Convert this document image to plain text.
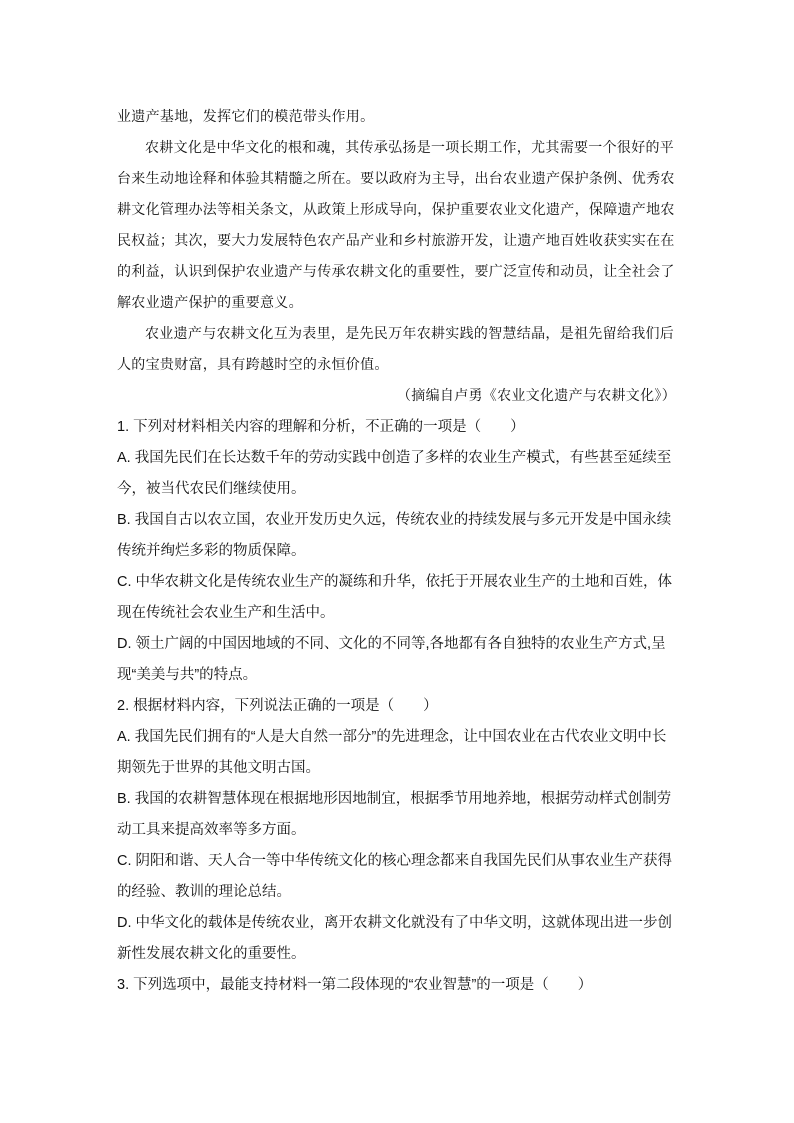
业遗产基地，发挥它们的模范带头作用。

农耕文化是中华文化的根和魂，其传承弘扬是一项长期工作，尤其需要一个很好的平台来生动地诠释和体验其精髓之所在。要以政府为主导，出台农业遗产保护条例、优秀农耕文化管理办法等相关条文，从政策上形成导向，保护重要农业文化遗产，保障遗产地农民权益；其次，要大力发展特色农产品产业和乡村旅游开发，让遗产地百姓收获实实在在的利益，认识到保护农业遗产与传承农耕文化的重要性，要广泛宣传和动员，让全社会了解农业遗产保护的重要意义。

农业遗产与农耕文化互为表里，是先民万年农耕实践的智慧结晶，是祖先留给我们后人的宝贵财富，具有跨越时空的永恒价值。

（摘编自卢勇《农业文化遗产与农耕文化》）

1. 下列对材料相关内容的理解和分析，不正确的一项是（　　）

A. 我国先民们在长达数千年的劳动实践中创造了多样的农业生产模式，有些甚至延续至今，被当代农民们继续使用。

B. 我国自古以农立国，农业开发历史久远，传统农业的持续发展与多元开发是中国永续传统并绚烂多彩的物质保障。

C. 中华农耕文化是传统农业生产的凝练和升华，依托于开展农业生产的土地和百姓，体现在传统社会农业生产和生活中。

D. 领土广阔的中国因地域的不同、文化的不同等,各地都有各自独特的农业生产方式,呈现“美美与共”的特点。

2. 根据材料内容，下列说法正确的一项是（　　）

A. 我国先民们拥有的“人是大自然一部分”的先进理念，让中国农业在古代农业文明中长期领先于世界的其他文明古国。

B. 我国的农耕智慧体现在根据地形因地制宜，根据季节用地养地，根据劳动样式创制劳动工具来提高效率等多方面。

C. 阴阳和谐、天人合一等中华传统文化的核心理念都来自我国先民们从事农业生产获得的经验、教训的理论总结。

D. 中华文化的载体是传统农业，离开农耕文化就没有了中华文明，这就体现出进一步创新性发展农耕文化的重要性。

3. 下列选项中，最能支持材料一第二段体现的“农业智慧”的一项是（　　）
